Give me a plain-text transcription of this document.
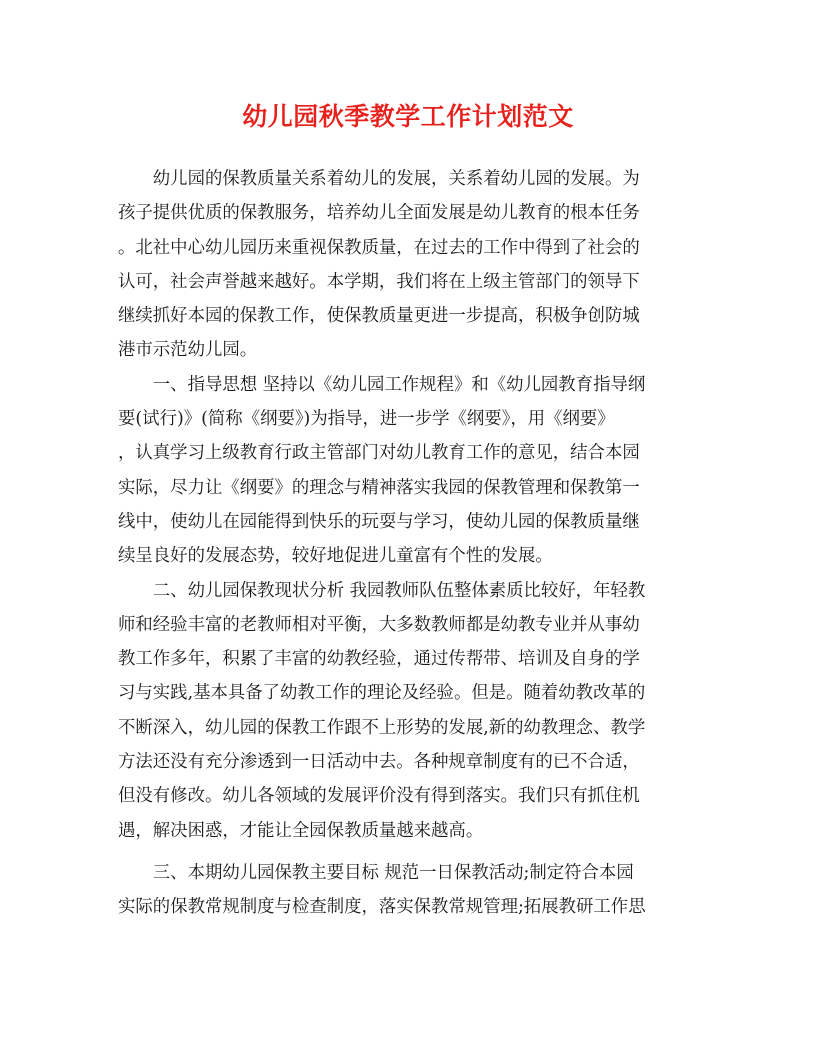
幼儿园秋季教学工作计划范文
　　幼儿园的保教质量关系着幼儿的发展，关系着幼儿园的发展。为
孩子提供优质的保教服务，培养幼儿全面发展是幼儿教育的根本任务
。北社中心幼儿园历来重视保教质量，在过去的工作中得到了社会的
认可，社会声誉越来越好。本学期，我们将在上级主管部门的领导下
继续抓好本园的保教工作，使保教质量更进一步提高，积极争创防城
港市示范幼儿园。
　　一、指导思想 坚持以《幼儿园工作规程》和《幼儿园教育指导纲
要(试行)》(简称《纲要》)为指导，进一步学《纲要》，用《纲要》
，认真学习上级教育行政主管部门对幼儿教育工作的意见，结合本园
实际，尽力让《纲要》的理念与精神落实我园的保教管理和保教第一
线中，使幼儿在园能得到快乐的玩耍与学习，使幼儿园的保教质量继
续呈良好的发展态势，较好地促进儿童富有个性的发展。
　　二、幼儿园保教现状分析 我园教师队伍整体素质比较好，年轻教
师和经验丰富的老教师相对平衡，大多数教师都是幼教专业并从事幼
教工作多年，积累了丰富的幼教经验，通过传帮带、培训及自身的学
习与实践,基本具备了幼教工作的理论及经验。但是。随着幼教改革的
不断深入，幼儿园的保教工作跟不上形势的发展,新的幼教理念、教学
方法还没有充分渗透到一日活动中去。各种规章制度有的已不合适，
但没有修改。幼儿各领域的发展评价没有得到落实。我们只有抓住机
遇，解决困惑，才能让全园保教质量越来越高。
　　三、本期幼儿园保教主要目标 规范一日保教活动;制定符合本园
实际的保教常规制度与检查制度，落实保教常规管理;拓展教研工作思
